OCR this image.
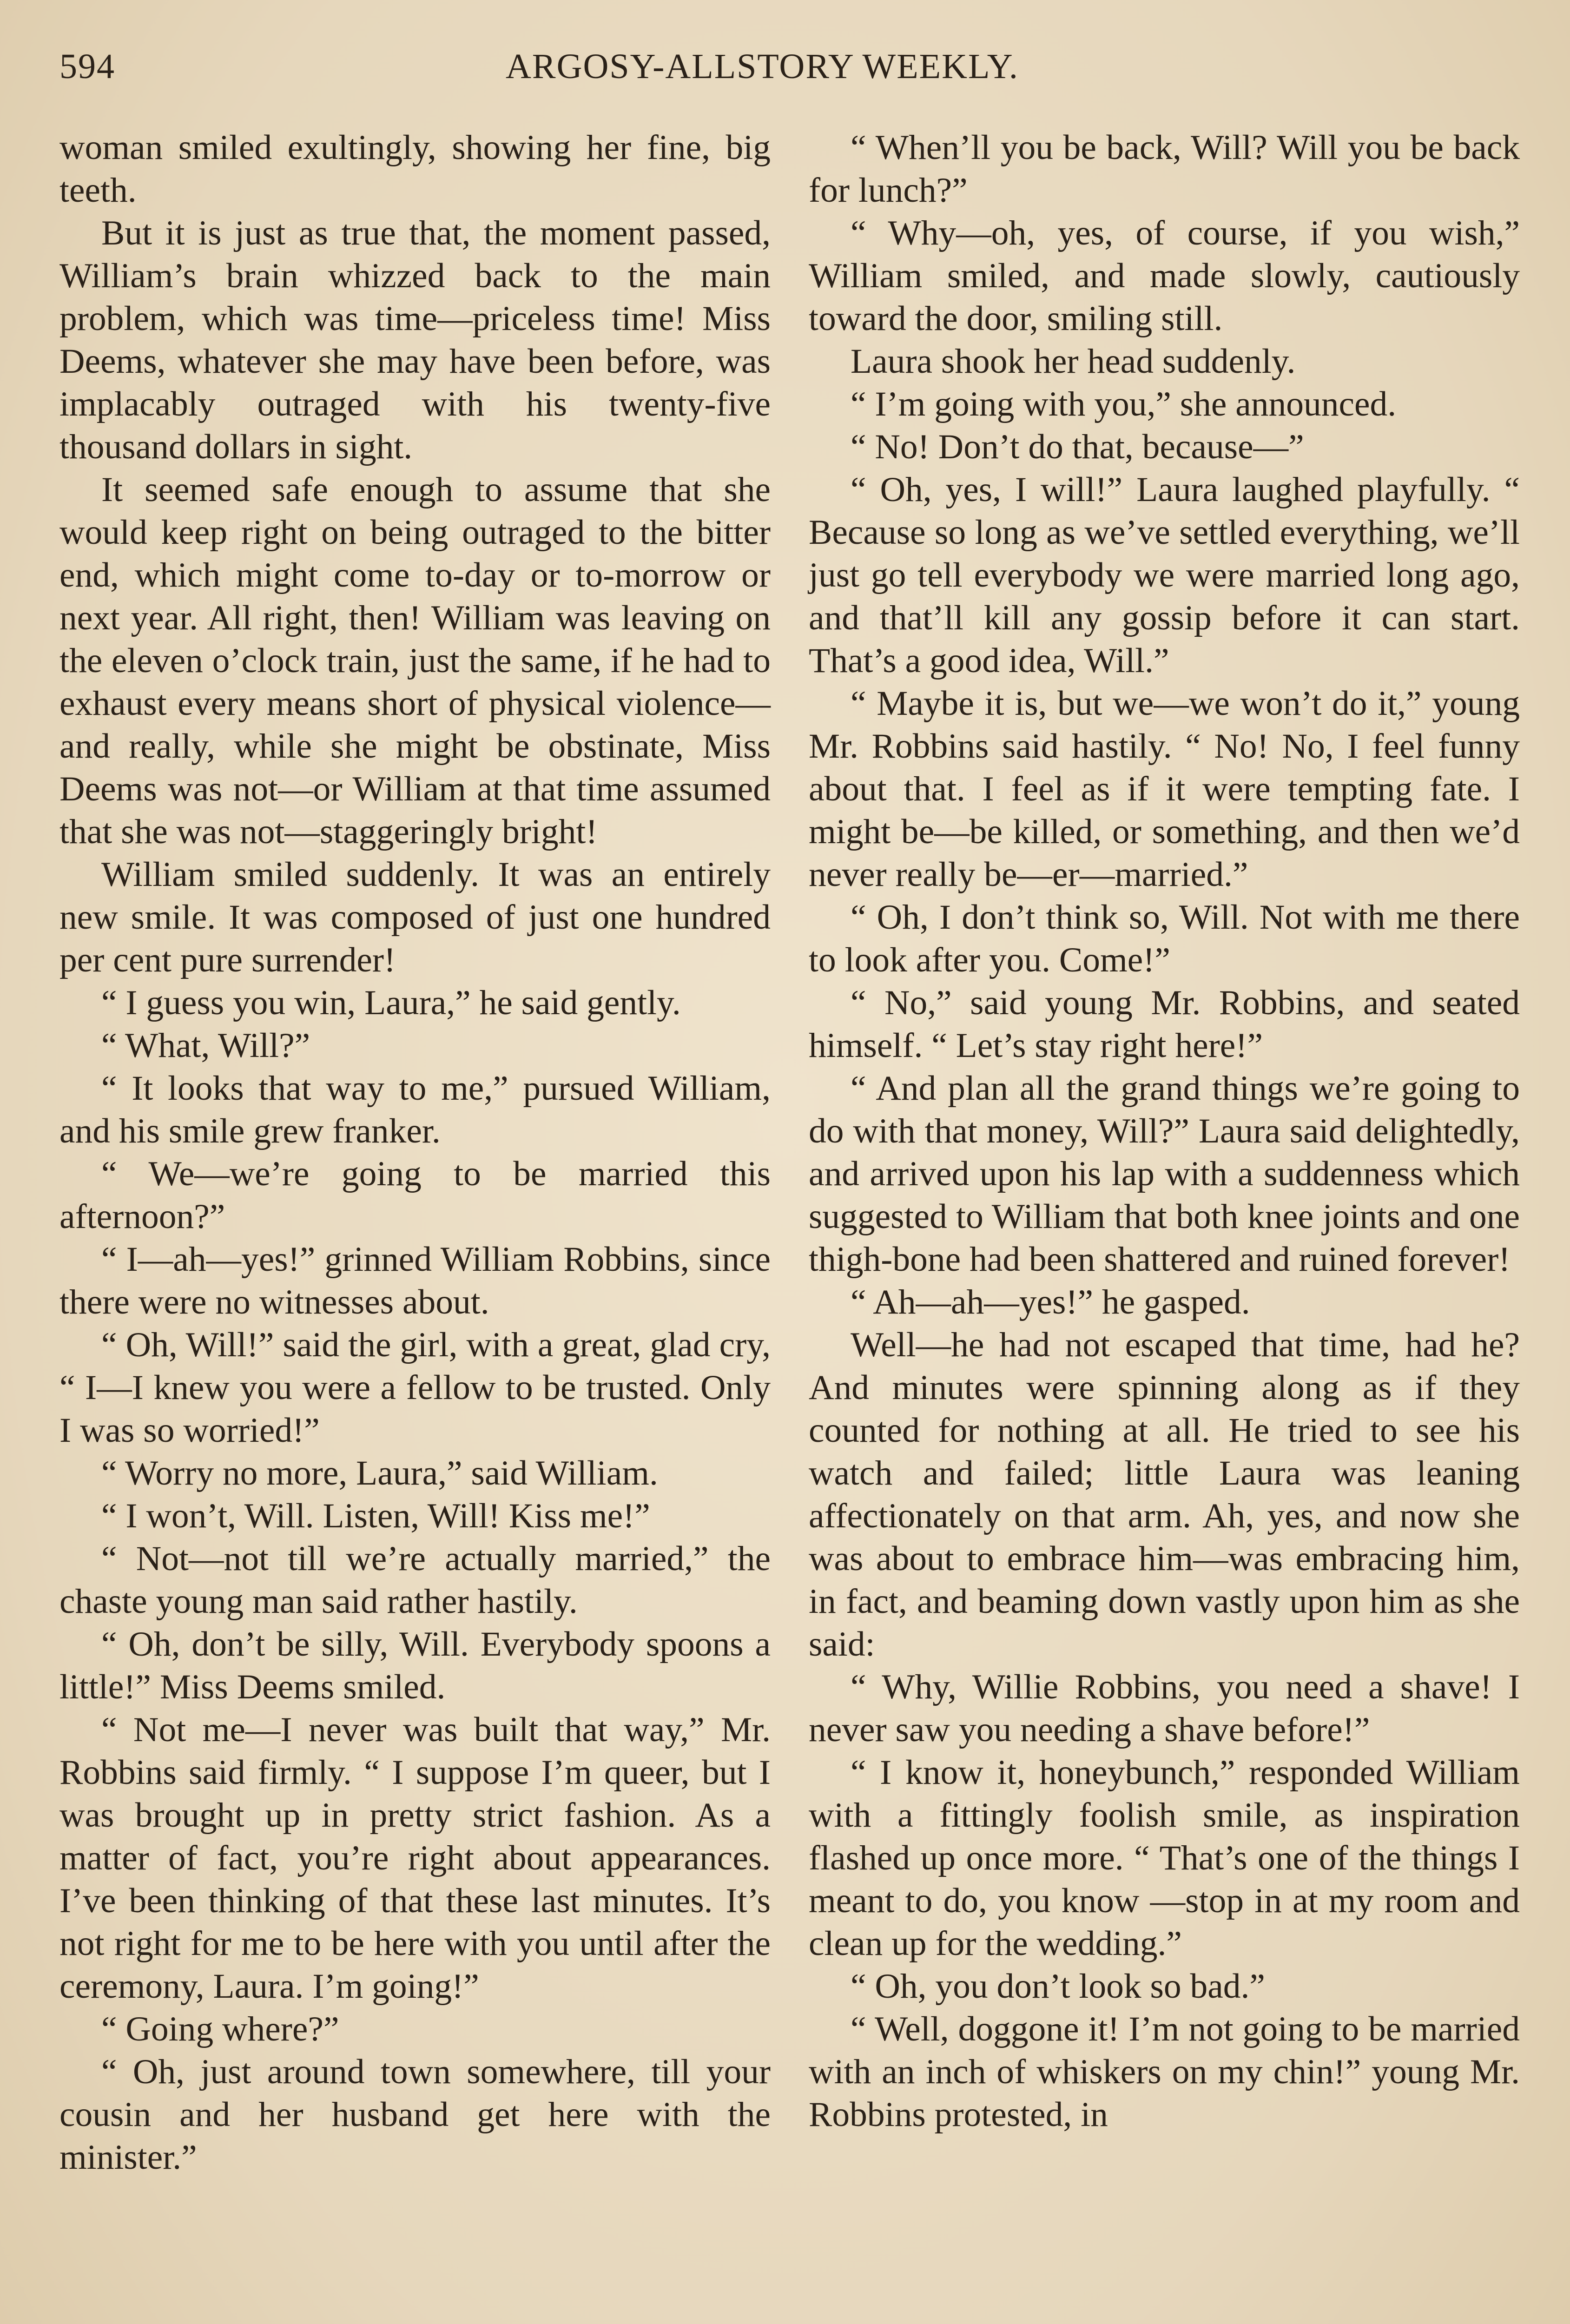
594	ARGOSY-ALLSTORY WEEKLY.

woman smiled exultingly, showing her fine, big teeth.

But it is just as true that, the moment passed, William’s brain whizzed back to the main problem, which was time—priceless time! Miss Deems, whatever she may have been before, was implacably outraged with his twenty-five thousand dollars in sight.

It seemed safe enough to assume that she would keep right on being outraged to the bitter end, which might come to-day or to-morrow or next year. All right, then! William was leaving on the eleven o’clock train, just the same, if he had to exhaust every means short of physical violence—and really, while she might be obstinate, Miss Deems was not—or William at that time assumed that she was not—staggeringly bright!

William smiled suddenly. It was an entirely new smile. It was composed of just one hundred per cent pure surrender!

“ I guess you win, Laura,” he said gently.

“ What, Will?”

“ It looks that way to me,” pursued William, and his smile grew franker.

“ We—we’re going to be married this afternoon?”

“ I—ah—yes!” grinned William Robbins, since there were no witnesses about.

“ Oh, Will!” said the girl, with a great, glad cry, “ I—I knew you were a fellow to be trusted. Only I was so worried!”

“ Worry no more, Laura,” said William.

“ I won’t, Will. Listen, Will! Kiss me!”

“ Not—not till we’re actually married,” the chaste young man said rather hastily.

“ Oh, don’t be silly, Will. Everybody spoons a little!” Miss Deems smiled.

“ Not me—I never was built that way,” Mr. Robbins said firmly. “ I suppose I’m queer, but I was brought up in pretty strict fashion. As a matter of fact, you’re right about appearances. I’ve been thinking of that these last minutes. It’s not right for me to be here with you until after the ceremony, Laura. I’m going!”

“ Going where?”

“ Oh, just around town somewhere, till your cousin and her husband get here with the minister.”

“ When’ll you be back, Will? Will you be back for lunch?”

“ Why—oh, yes, of course, if you wish,” William smiled, and made slowly, cautiously toward the door, smiling still.

Laura shook her head suddenly.

“ I’m going with you,” she announced.

“ No! Don’t do that, because—”

“ Oh, yes, I will!” Laura laughed playfully. “ Because so long as we’ve settled everything, we’ll just go tell everybody we were married long ago, and that’ll kill any gossip before it can start. That’s a good idea, Will.”

“ Maybe it is, but we—we won’t do it,” young Mr. Robbins said hastily. “ No! No, I feel funny about that. I feel as if it were tempting fate. I might be—be killed, or something, and then we’d never really be—er—married.”

“ Oh, I don’t think so, Will. Not with me there to look after you. Come!”

“ No,” said young Mr. Robbins, and seated himself. “ Let’s stay right here!”

“ And plan all the grand things we’re going to do with that money, Will?” Laura said delightedly, and arrived upon his lap with a suddenness which suggested to William that both knee joints and one thigh-bone had been shattered and ruined forever!

“ Ah—ah—yes!” he gasped.

Well—he had not escaped that time, had he? And minutes were spinning along as if they counted for nothing at all. He tried to see his watch and failed; little Laura was leaning affectionately on that arm. Ah, yes, and now she was about to embrace him—was embracing him, in fact, and beaming down vastly upon him as she said:

“ Why, Willie Robbins, you need a shave! I never saw you needing a shave before!”

“ I know it, honeybunch,” responded William with a fittingly foolish smile, as inspiration flashed up once more. “ That’s one of the things I meant to do, you know —stop in at my room and clean up for the wedding.”

“ Oh, you don’t look so bad.”

“ Well, doggone it! I’m not going to be married with an inch of whiskers on my chin!” young Mr. Robbins protested, in
